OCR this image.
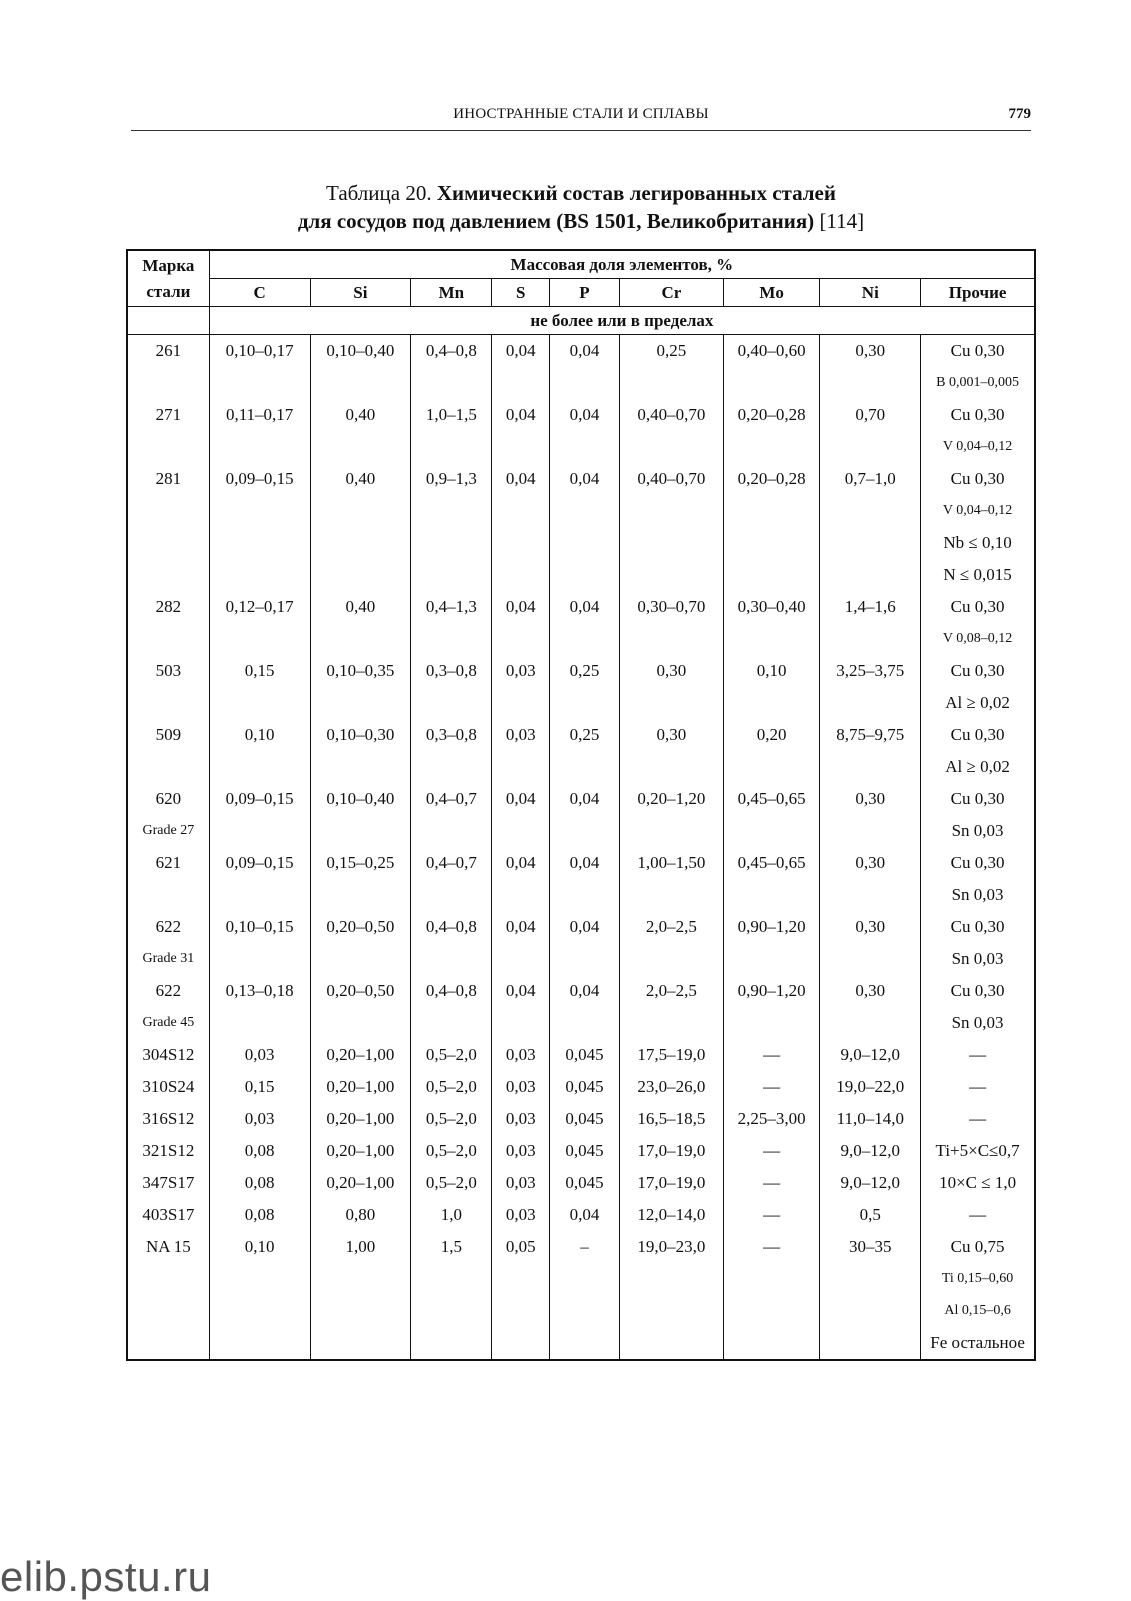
ИНОСТРАННЫЕ СТАЛИ И СПЛАВЫ	779
Таблица 20. Химический состав легированных сталей
для сосудов под давлением (BS 1501, Великобритания) [114]
Марка
стали	Массовая доля элементов, %								
	C	Si	Mn	S	P	Cr	Mo	Ni	Прочие
	не более или в пределах								
261	0,10–0,17	0,10–0,40	0,4–0,8	0,04	0,04	0,25	0,40–0,60	0,30	Cu 0,30
									B 0,001–0,005
271	0,11–0,17	0,40	1,0–1,5	0,04	0,04	0,40–0,70	0,20–0,28	0,70	Cu 0,30
									V 0,04–0,12
281	0,09–0,15	0,40	0,9–1,3	0,04	0,04	0,40–0,70	0,20–0,28	0,7–1,0	Cu 0,30
									V 0,04–0,12
									Nb ≤ 0,10
									N ≤ 0,015
282	0,12–0,17	0,40	0,4–1,3	0,04	0,04	0,30–0,70	0,30–0,40	1,4–1,6	Cu 0,30
									V 0,08–0,12
503	0,15	0,10–0,35	0,3–0,8	0,03	0,25	0,30	0,10	3,25–3,75	Cu 0,30
									Al ≥ 0,02
509	0,10	0,10–0,30	0,3–0,8	0,03	0,25	0,30	0,20	8,75–9,75	Cu 0,30
									Al ≥ 0,02
620	0,09–0,15	0,10–0,40	0,4–0,7	0,04	0,04	0,20–1,20	0,45–0,65	0,30	Cu 0,30
Grade 27									Sn 0,03
621	0,09–0,15	0,15–0,25	0,4–0,7	0,04	0,04	1,00–1,50	0,45–0,65	0,30	Cu 0,30
									Sn 0,03
622	0,10–0,15	0,20–0,50	0,4–0,8	0,04	0,04	2,0–2,5	0,90–1,20	0,30	Cu 0,30
Grade 31									Sn 0,03
622	0,13–0,18	0,20–0,50	0,4–0,8	0,04	0,04	2,0–2,5	0,90–1,20	0,30	Cu 0,30
Grade 45									Sn 0,03
304S12	0,03	0,20–1,00	0,5–2,0	0,03	0,045	17,5–19,0	—	9,0–12,0	—
310S24	0,15	0,20–1,00	0,5–2,0	0,03	0,045	23,0–26,0	—	19,0–22,0	—
316S12	0,03	0,20–1,00	0,5–2,0	0,03	0,045	16,5–18,5	2,25–3,00	11,0–14,0	—
321S12	0,08	0,20–1,00	0,5–2,0	0,03	0,045	17,0–19,0	—	9,0–12,0	Ti+5×C≤0,7
347S17	0,08	0,20–1,00	0,5–2,0	0,03	0,045	17,0–19,0	—	9,0–12,0	10×C ≤ 1,0
403S17	0,08	0,80	1,0	0,03	0,04	12,0–14,0	—	0,5	—
NA 15	0,10	1,00	1,5	0,05	–	19,0–23,0	—	30–35	Cu 0,75
									Ti 0,15–0,60
									Al 0,15–0,6
									Fe остальное
elib.pstu.ru
